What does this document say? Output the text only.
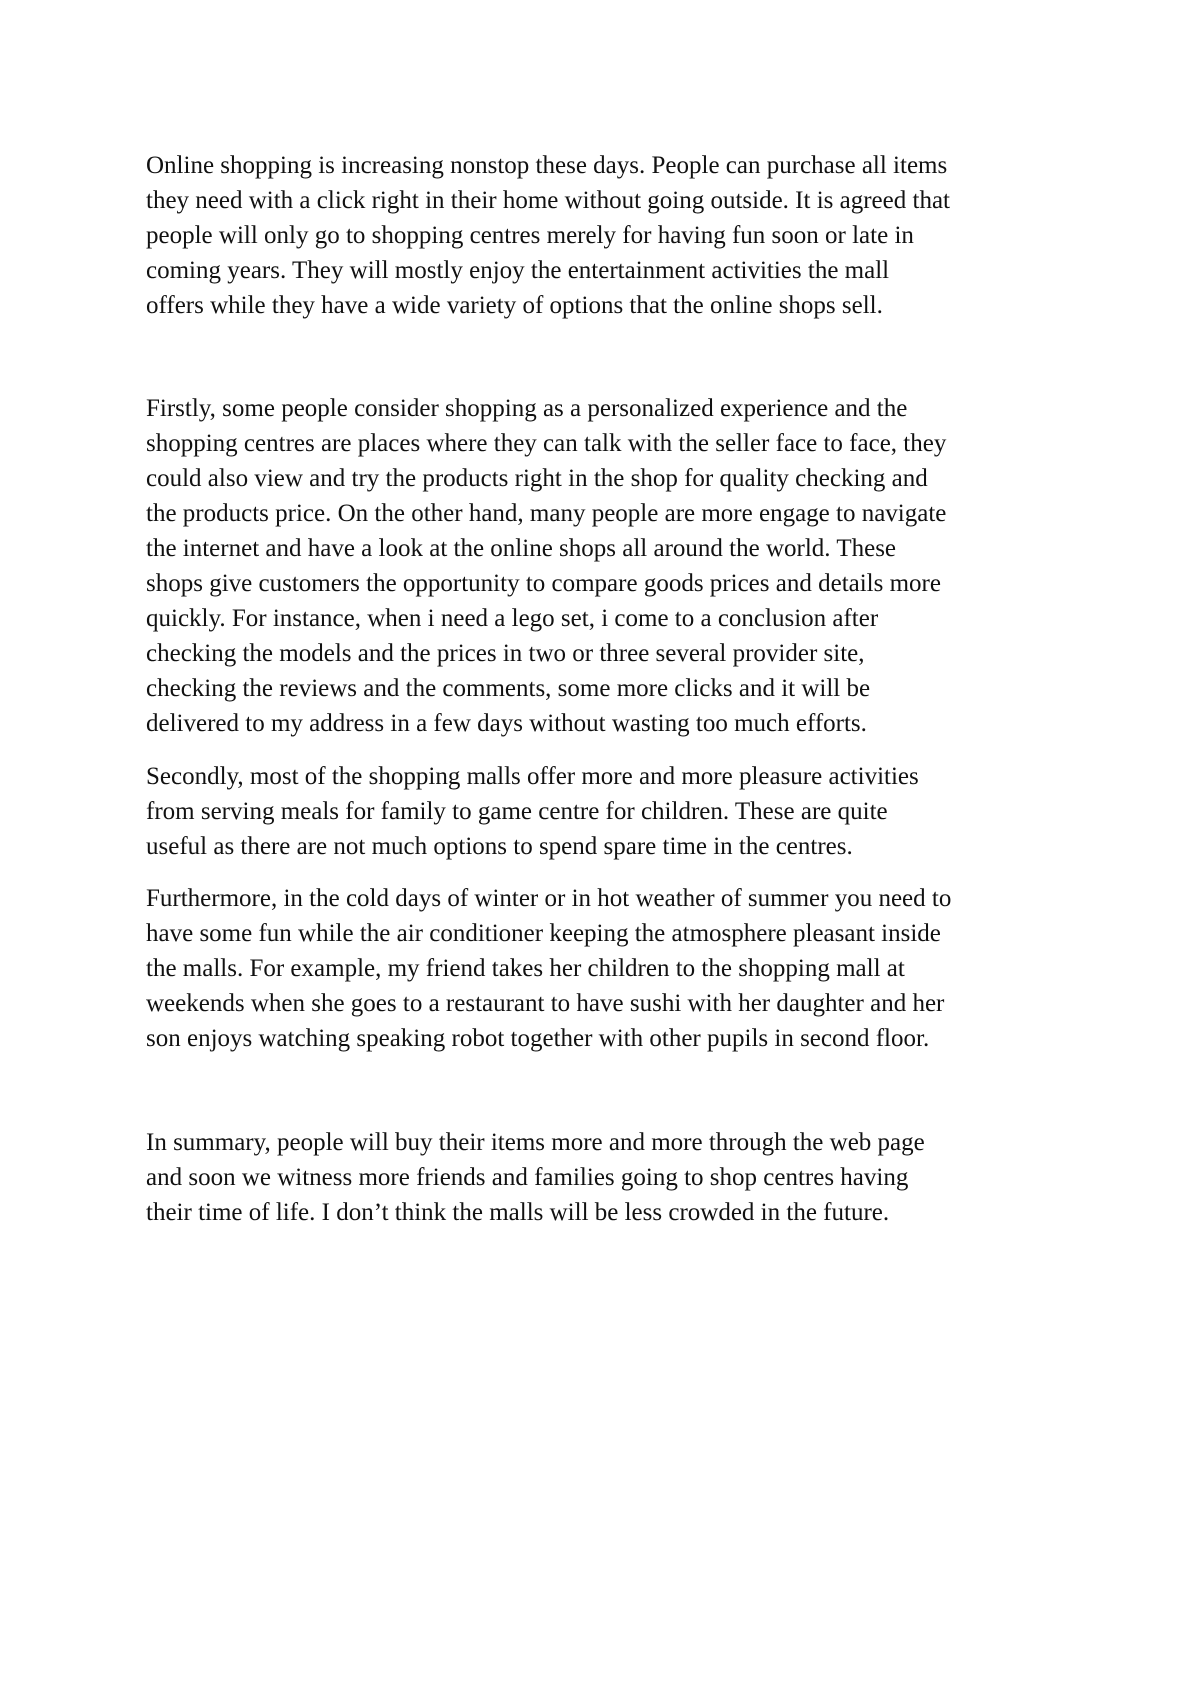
Online shopping is increasing nonstop these days. People can purchase all items
they need with a click right in their home without going outside. It is agreed that
people will only go to shopping centres merely for having fun soon or late in
coming years. They will mostly enjoy the entertainment activities the mall
offers while they have a wide variety of options that the online shops sell.

Firstly, some people consider shopping as a personalized experience and the
shopping centres are places where they can talk with the seller face to face, they
could also view and try the products right in the shop for quality checking and
the products price. On the other hand, many people are more engage to navigate
the internet and have a look at the online shops all around the world. These
shops give customers the opportunity to compare goods prices and details more
quickly. For instance, when i need a lego set, i come to a conclusion after
checking the models and the prices in two or three several provider site,
checking the reviews and the comments, some more clicks and it will be
delivered to my address in a few days without wasting too much efforts.

Secondly, most of the shopping malls offer more and more pleasure activities
from serving meals for family to game centre for children. These are quite
useful as there are not much options to spend spare time in the centres.

Furthermore, in the cold days of winter or in hot weather of summer you need to
have some fun while the air conditioner keeping the atmosphere pleasant inside
the malls. For example, my friend takes her children to the shopping mall at
weekends when she goes to a restaurant to have sushi with her daughter and her
son enjoys watching speaking robot together with other pupils in second floor.

In summary, people will buy their items more and more through the web page
and soon we witness more friends and families going to shop centres having
their time of life. I don’t think the malls will be less crowded in the future.
